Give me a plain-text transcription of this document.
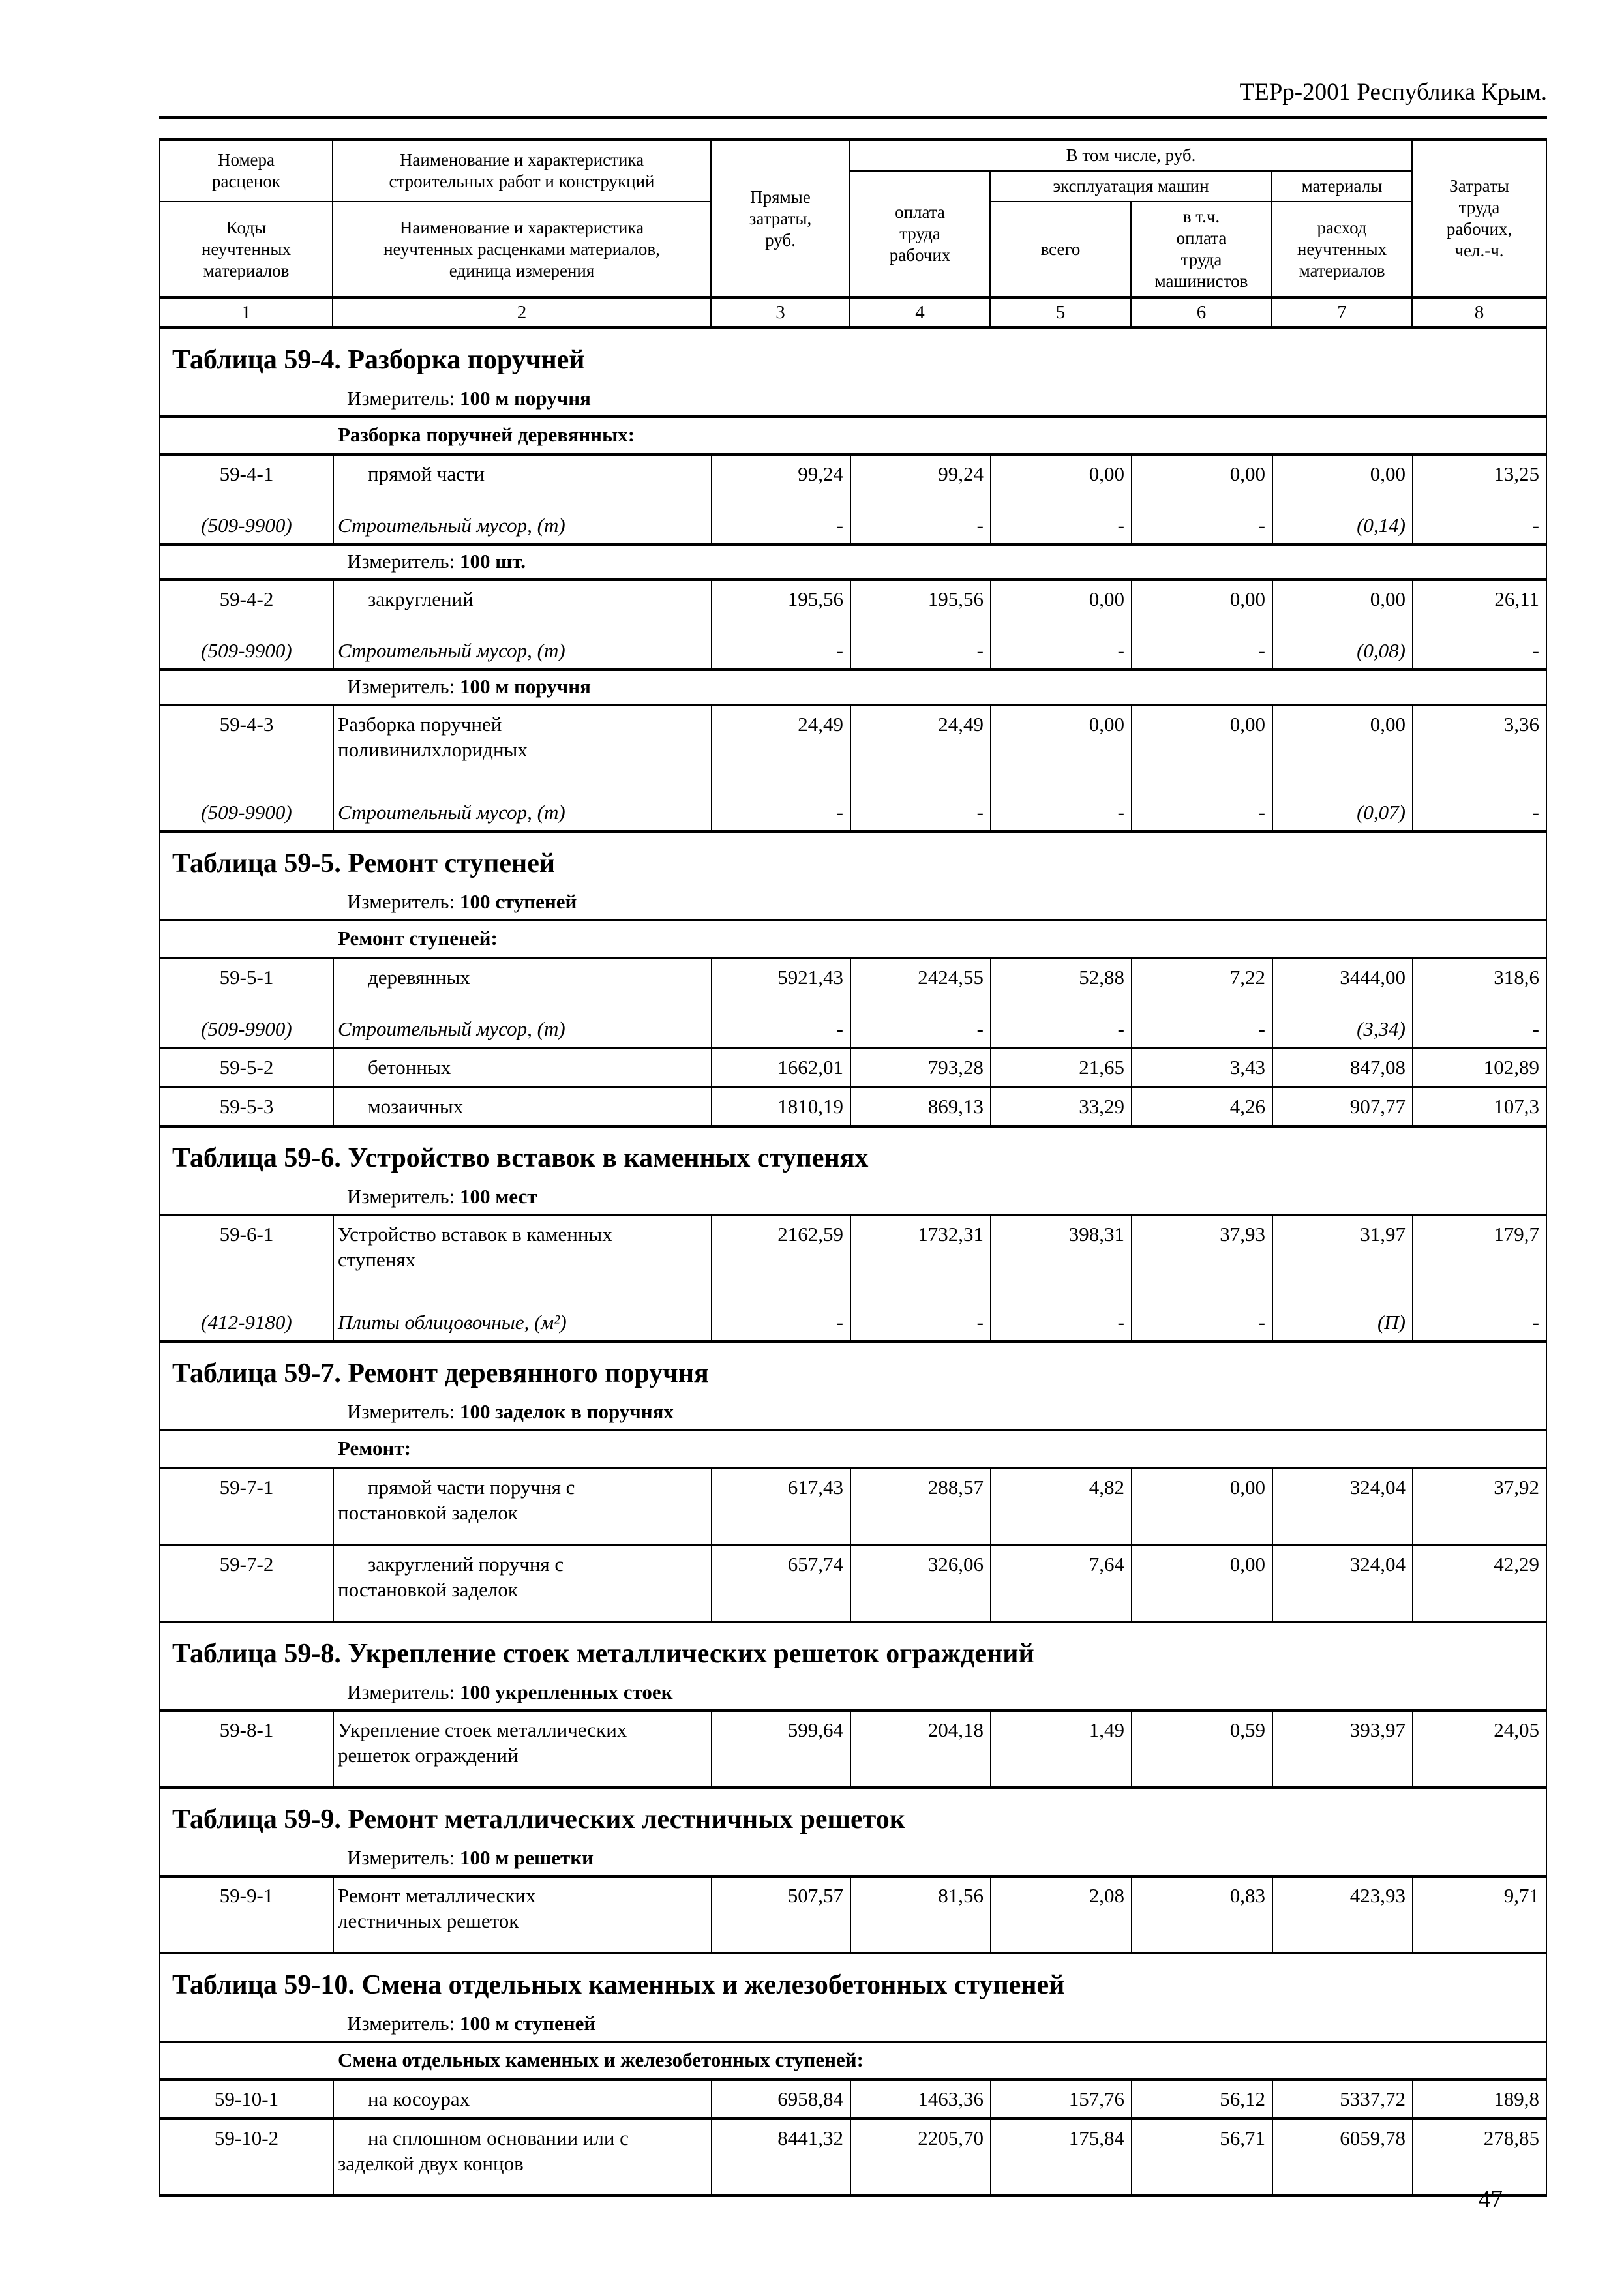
ТЕРр-2001 Республика Крым.
Номера
расценок	Наименование и характеристика
строительных работ и конструкций	Прямые
затраты,
руб.	В том числе, руб.				Затраты
труда
рабочих,
чел.-ч.
			оплата
труда
рабочих	эксплуатация машин		материалы	
Коды
неучтенных
материалов	Наименование и характеристика
неучтенных расценками материалов,
единица измерения			всего	в т.ч.
оплата
труда
машинистов	расход
неучтенных
материалов	
1	2	3	4	5	6	7	8
Таблица 59-4. Разборка поручней
Измеритель: 100 м поручня
Разборка поручней деревянных:
59-4-1
(509-9900)
прямой части
Строительный мусор, (т)
99,24
-
99,24
-
0,00
-
0,00
-
0,00
(0,14)
13,25
-
Измеритель: 100 шт.
59-4-2
(509-9900)
закруглений
Строительный мусор, (т)
195,56
-
195,56
-
0,00
-
0,00
-
0,00
(0,08)
26,11
-
Измеритель: 100 м поручня
59-4-3
(509-9900)
Разборка поручней
поливинилхлоридных
Строительный мусор, (т)
24,49
-
24,49
-
0,00
-
0,00
-
0,00
(0,07)
3,36
-
Таблица 59-5. Ремонт ступеней
Измеритель: 100 ступеней
Ремонт ступеней:
59-5-1
(509-9900)
деревянных
Строительный мусор, (т)
5921,43
-
2424,55
-
52,88
-
7,22
-
3444,00
(3,34)
318,6
-
59-5-2	бетонных	1662,01	793,28	21,65	3,43	847,08	102,89
59-5-3	мозаичных	1810,19	869,13	33,29	4,26	907,77	107,3
Таблица 59-6. Устройство вставок в каменных ступенях
Измеритель: 100 мест
59-6-1
(412-9180)
Устройство вставок в каменных
ступенях
Плиты облицовочные, (м²)
2162,59
-
1732,31
-
398,31
-
37,93
-
31,97
(П)
179,7
-
Таблица 59-7. Ремонт деревянного поручня
Измеритель: 100 заделок в поручнях
Ремонт:
59-7-1	прямой части поручня с
постановкой заделок
617,43	288,57	4,82	0,00	324,04	37,92
59-7-2	закруглений поручня с
постановкой заделок
657,74	326,06	7,64	0,00	324,04	42,29
Таблица 59-8. Укрепление стоек металлических решеток ограждений
Измеритель: 100 укрепленных стоек
59-8-1	Укрепление стоек металлических
решеток ограждений
599,64	204,18	1,49	0,59	393,97	24,05
Таблица 59-9. Ремонт металлических лестничных решеток
Измеритель: 100 м решетки
59-9-1	Ремонт металлических
лестничных решеток
507,57	81,56	2,08	0,83	423,93	9,71
Таблица 59-10. Смена отдельных каменных и железобетонных ступеней
Измеритель: 100 м ступеней
Смена отдельных каменных и железобетонных ступеней:
59-10-1	на косоурах	6958,84	1463,36	157,76	56,12	5337,72	189,8
59-10-2	на сплошном основании или с
заделкой двух концов
8441,32	2205,70	175,84	56,71	6059,78	278,85
47
